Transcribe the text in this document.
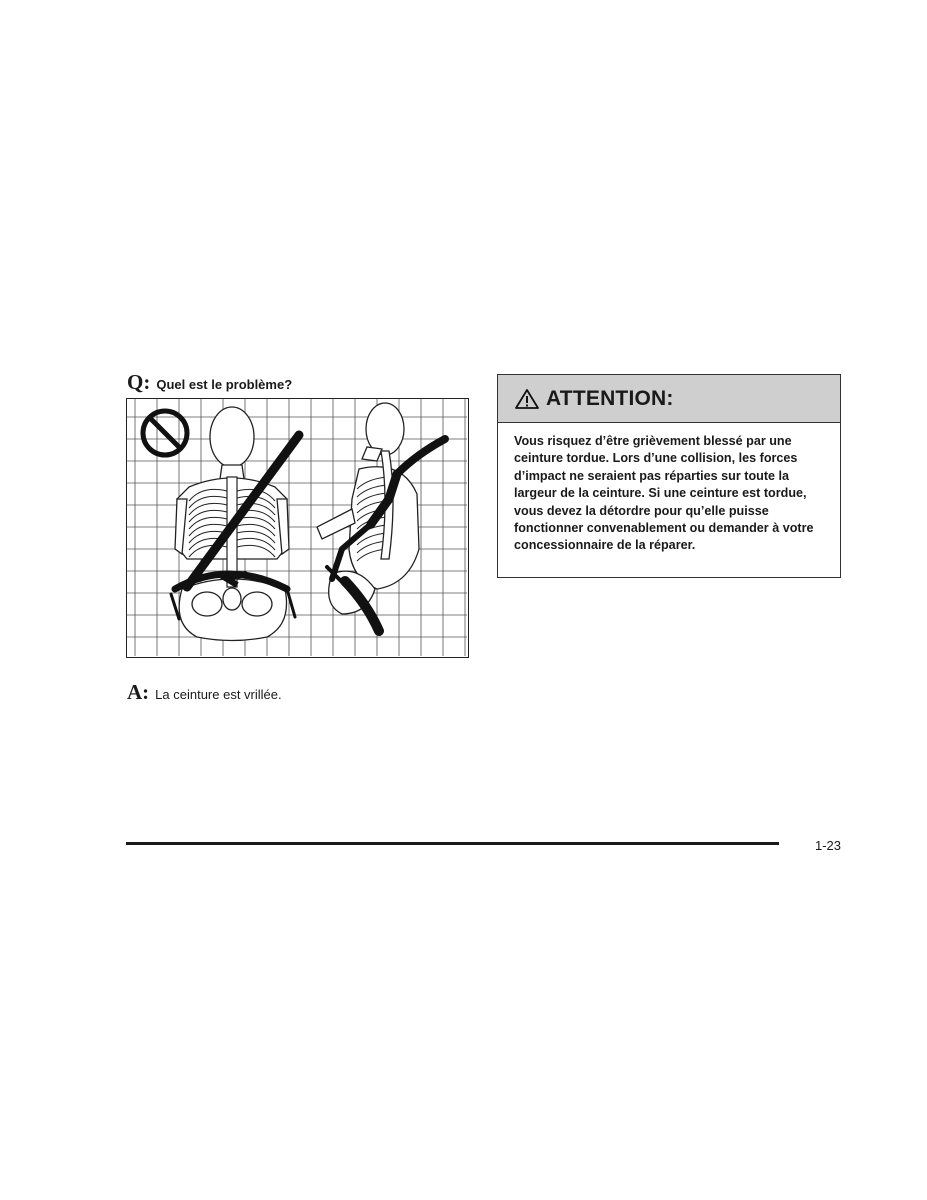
Q: Quel est le problème?
A: La ceinture est vrillée.
ATTENTION:
Vous risquez d’être grièvement blessé par une ceinture tordue. Lors d’une collision, les forces d’impact ne seraient pas réparties sur toute la largeur de la ceinture. Si une ceinture est tordue, vous devez la détordre pour qu’elle puisse fonctionner convenablement ou demander à votre concessionnaire de la réparer.
1-23
